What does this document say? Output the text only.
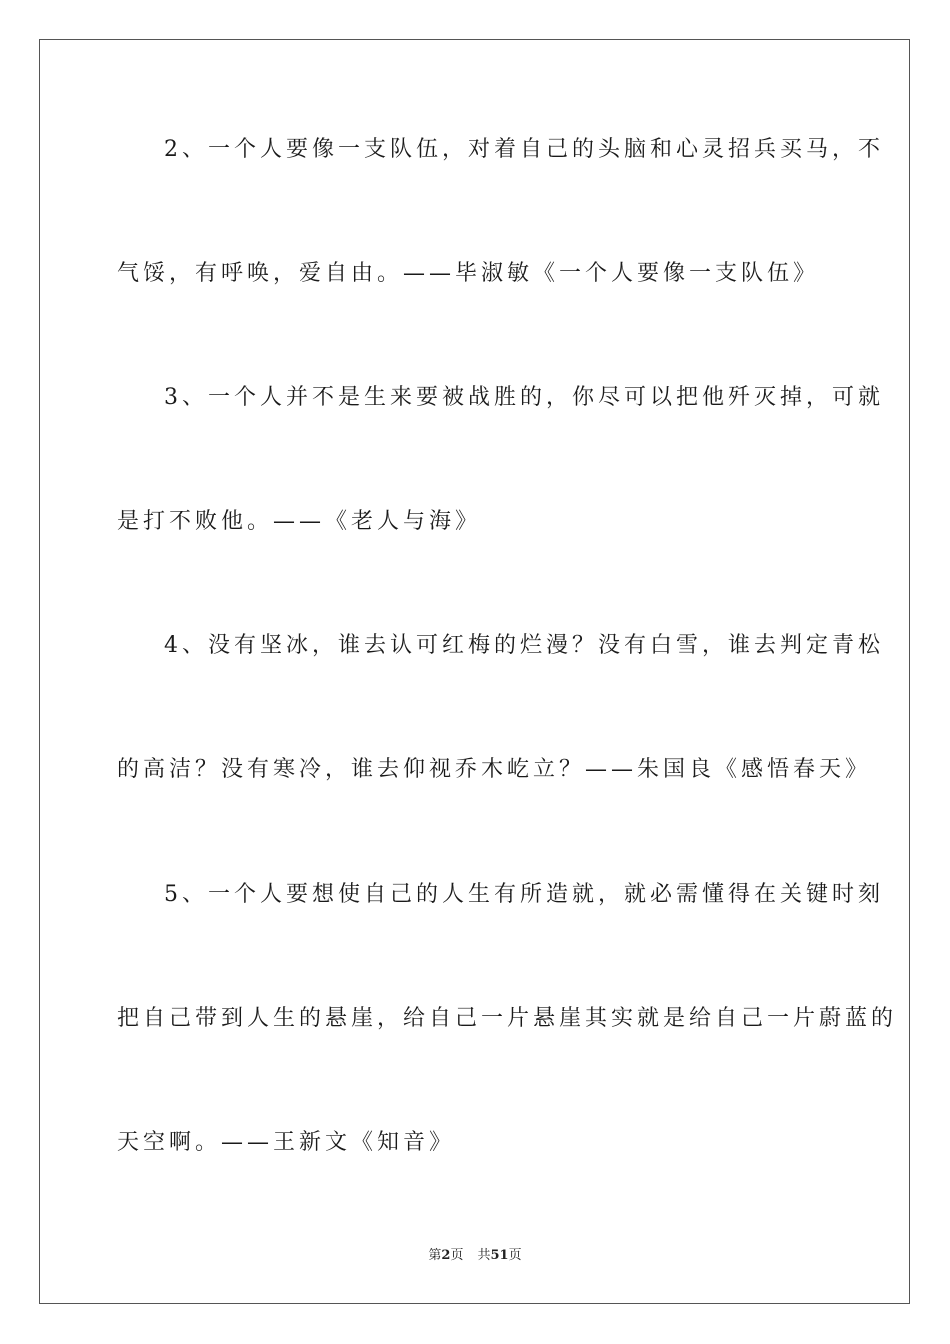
2、一个人要像一支队伍，对着自己的头脑和心灵招兵买马，不
气馁，有呼唤，爱自由。——毕淑敏《一个人要像一支队伍》
3、一个人并不是生来要被战胜的，你尽可以把他歼灭掉，可就
是打不败他。——《老人与海》
4、没有坚冰，谁去认可红梅的烂漫？没有白雪，谁去判定青松
的高洁？没有寒冷，谁去仰视乔木屹立？——朱国良《感悟春天》
5、一个人要想使自己的人生有所造就，就必需懂得在关键时刻
把自己带到人生的悬崖，给自己一片悬崖其实就是给自己一片蔚蓝的
天空啊。——王新文《知音》
第2页 共51页
